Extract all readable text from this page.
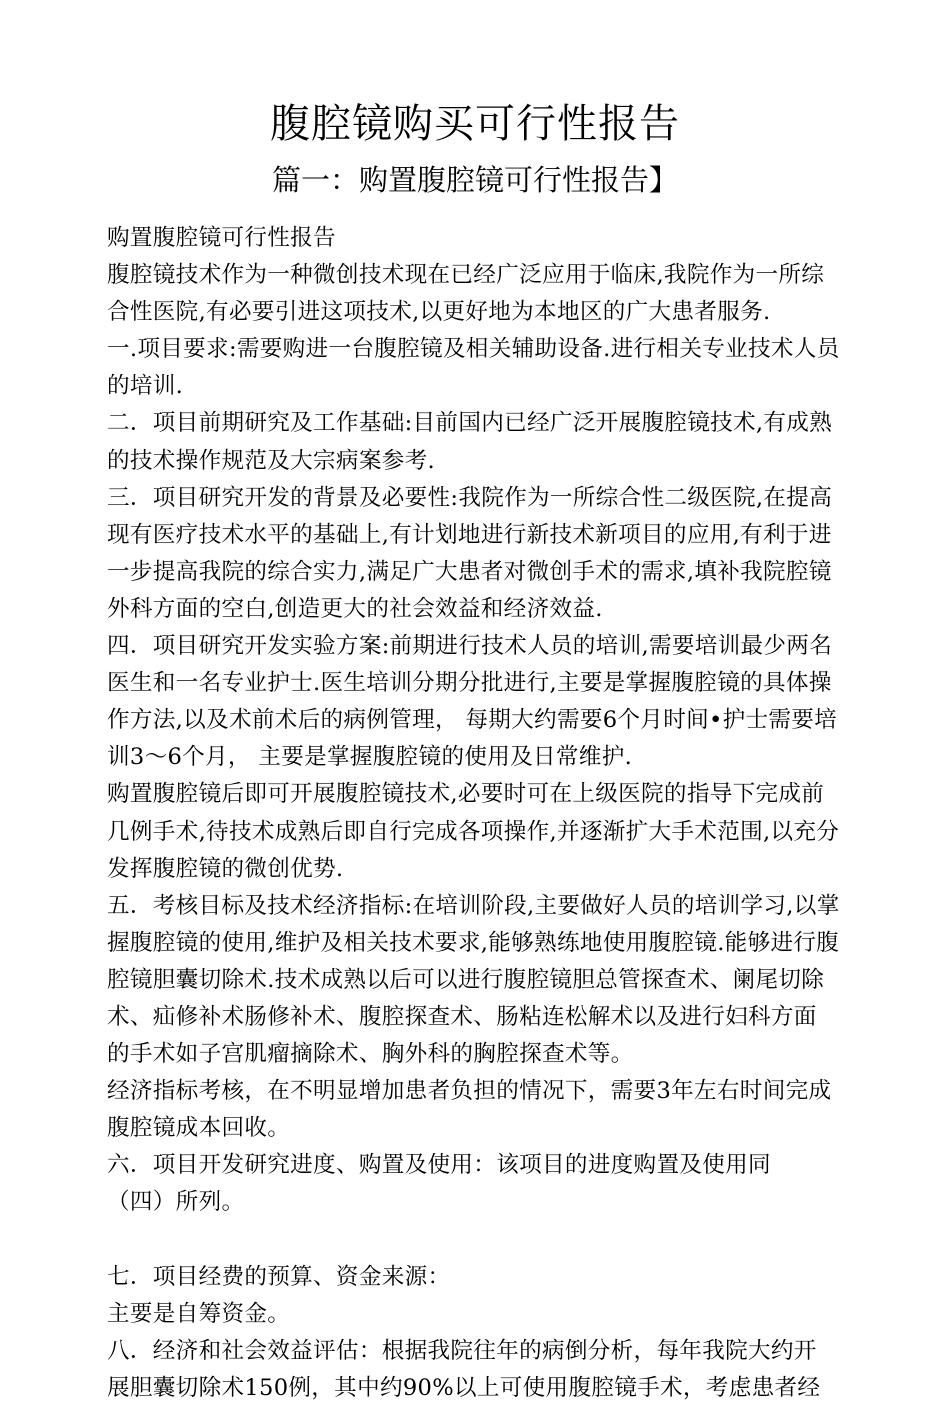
腹腔镜购买可行性报告
篇一：购置腹腔镜可行性报告】
购置腹腔镜可行性报告
腹腔镜技术作为一种微创技术现在已经广泛应用于临床,我院作为一所综
合性医院,有必要引进这项技术,以更好地为本地区的广大患者服务.
一.项目要求:需要购进一台腹腔镜及相关辅助设备.进行相关专业技术人员
的培训.
二．项目前期研究及工作基础:目前国内已经广泛开展腹腔镜技术,有成熟
的技术操作规范及大宗病案参考.
三．项目研究开发的背景及必要性:我院作为一所综合性二级医院,在提高
现有医疗技术水平的基础上,有计划地进行新技术新项目的应用,有利于进
一步提高我院的综合实力,满足广大患者对微创手术的需求,填补我院腔镜
外科方面的空白,创造更大的社会效益和经济效益.
四．项目研究开发实验方案:前期进行技术人员的培训,需要培训最少两名
医生和一名专业护士.医生培训分期分批进行,主要是掌握腹腔镜的具体操
作方法,以及术前术后的病例管理， 每期大约需要6个月时间•护士需要培
训3〜6个月， 主要是掌握腹腔镜的使用及日常维护.
购置腹腔镜后即可开展腹腔镜技术,必要时可在上级医院的指导下完成前
几例手术,待技术成熟后即自行完成各项操作,并逐渐扩大手术范围,以充分
发挥腹腔镜的微创优势.
五．考核目标及技术经济指标:在培训阶段,主要做好人员的培训学习,以掌
握腹腔镜的使用,维护及相关技术要求,能够熟练地使用腹腔镜.能够进行腹
腔镜胆囊切除术.技术成熟以后可以进行腹腔镜胆总管探查术、阑尾切除
术、疝修补术肠修补术、腹腔探查术、肠粘连松解术以及进行妇科方面
的手术如子宫肌瘤摘除术、胸外科的胸腔探查术等。
经济指标考核，在不明显增加患者负担的情况下，需要3年左右时间完成
腹腔镜成本回收。
六．项目开发研究进度、购置及使用：该项目的进度购置及使用同
（四）所列。
七．项目经费的预算、资金来源：
主要是自筹资金。
八．经济和社会效益评估：根据我院往年的病倒分析，每年我院大约开
展胆囊切除术150例，其中约90%以上可使用腹腔镜手术，考虑患者经
